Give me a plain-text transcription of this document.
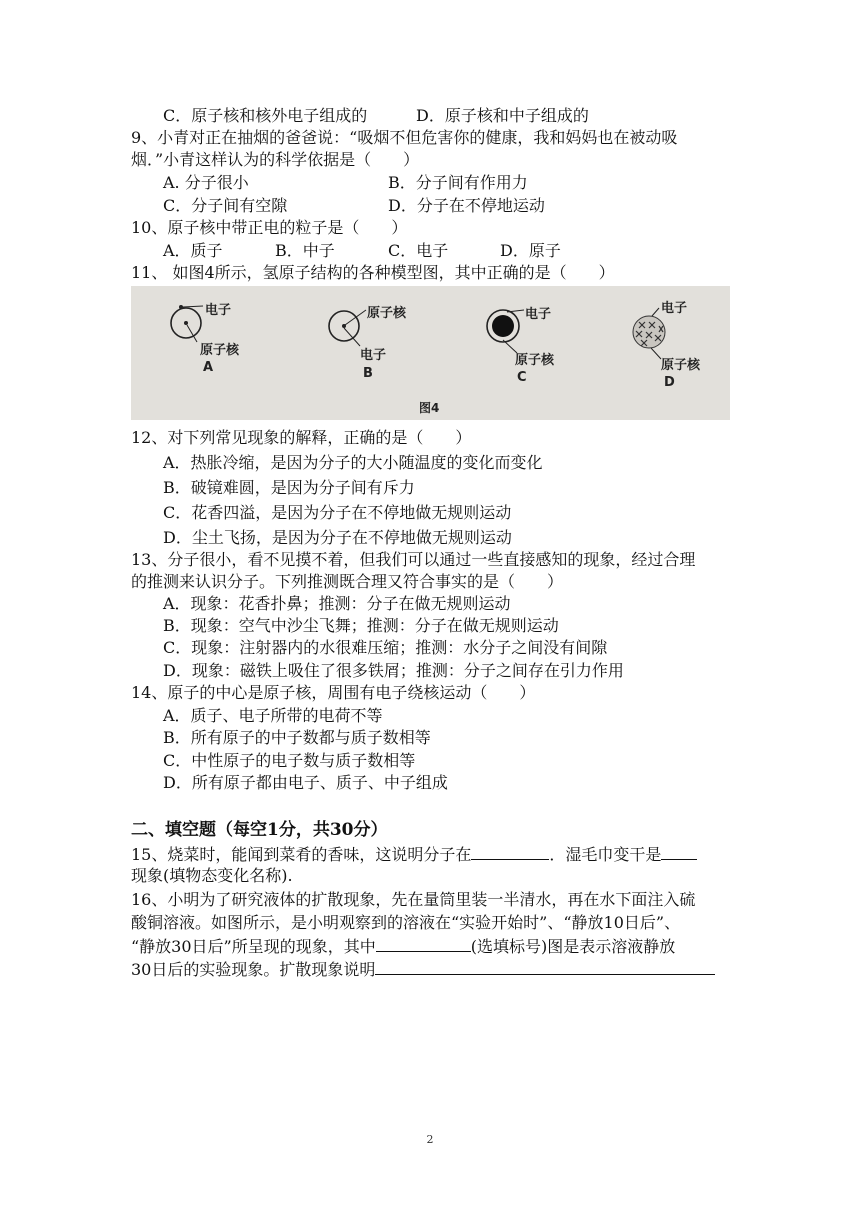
C．原子核和核外电子组成的	D．原子核和中子组成的
9、小青对正在抽烟的爸爸说：“吸烟不但危害你的健康，我和妈妈也在被动吸
烟．”小青这样认为的科学依据是（　　）
A. 分子很小	B．分子间有作用力
C．分子间有空隙	D．分子在不停地运动
10、原子核中带正电的粒子是（　　）
A．质子	B．中子	C．电子	D．原子
11、 如图4所示，氢原子结构的各种模型图，其中正确的是（　　）
电子
原子核
A
原子核
电子
B
电子
原子核
C
电子
原子核
D
图4
12、对下列常见现象的解释，正确的是（　　）
A．热胀冷缩，是因为分子的大小随温度的变化而变化
B．破镜难圆，是因为分子间有斥力
C．花香四溢，是因为分子在不停地做无规则运动
D．尘土飞扬，是因为分子在不停地做无规则运动
13、分子很小，看不见摸不着，但我们可以通过一些直接感知的现象，经过合理
的推测来认识分子。下列推测既合理又符合事实的是（　　）
A．现象：花香扑鼻；推测：分子在做无规则运动
B．现象：空气中沙尘飞舞；推测：分子在做无规则运动
C．现象：注射器内的水很难压缩；推测：水分子之间没有间隙
D．现象：磁铁上吸住了很多铁屑；推测：分子之间存在引力作用
14、原子的中心是原子核，周围有电子绕核运动（　　）
A．质子、电子所带的电荷不等
B．所有原子的中子数都与质子数相等
C．中性原子的电子数与质子数相等
D．所有原子都由电子、质子、中子组成
二、填空题（每空1分，共30分）
15、烧菜时，能闻到菜肴的香味，这说明分子在	．湿毛巾变干是
现象(填物态变化名称).
16、小明为了研究液体的扩散现象，先在量筒里装一半清水，再在水下面注入硫
酸铜溶液。如图所示，是小明观察到的溶液在“实验开始时”、“静放10日后”、
“静放30日后”所呈现的现象，其中	(选填标号)图是表示溶液静放
30日后的实验现象。扩散现象说明
2
